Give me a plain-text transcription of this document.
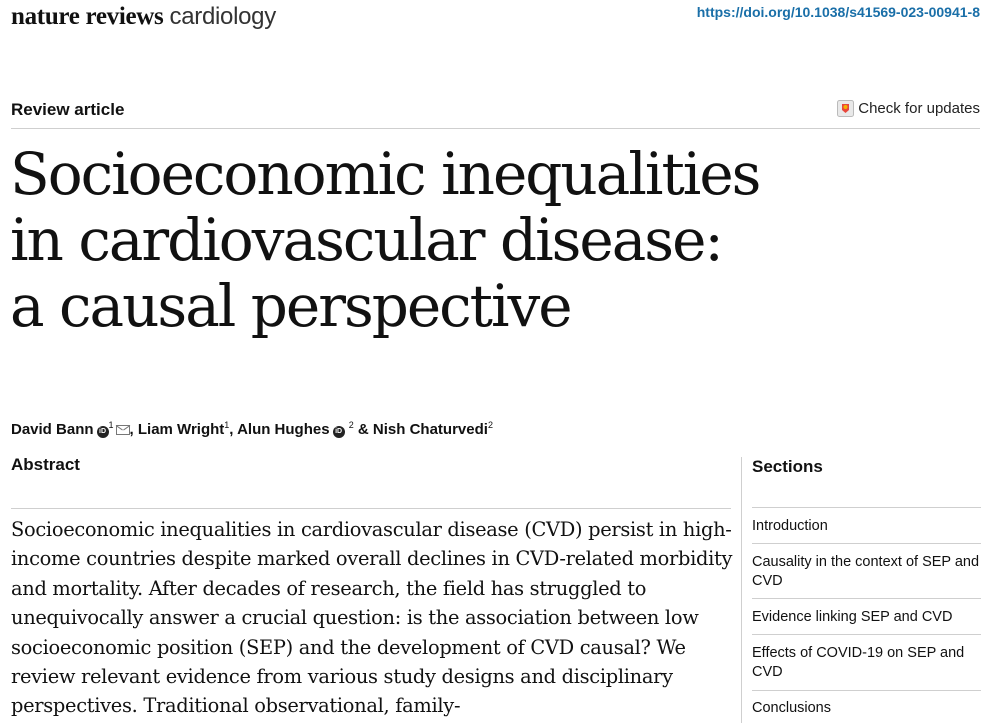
nature reviews cardiology	https://doi.org/10.1038/s41569-023-00941-8
Review article	Check for updates
Socioeconomic inequalities
in cardiovascular disease:
a causal perspective
David Bann $iD^1$ , Liam Wright$^1$, Alun Hughes iD $^2$ & Nish Chaturvedi$^2$
Abstract

Socioeconomic inequalities in cardiovascular disease (CVD) persist in high-income countries despite marked overall declines in CVD-related morbidity and mortality. After decades of research, the field has struggled to unequivocally answer a crucial question: is the association between low socioeconomic position (SEP) and the development of CVD causal? We review relevant evidence from various study designs and disciplinary perspectives. Traditional observational, family-

Sections
Introduction
Causality in the context of SEP and CVD
Evidence linking SEP and CVD
Effects of COVID-19 on SEP and CVD
Conclusions
